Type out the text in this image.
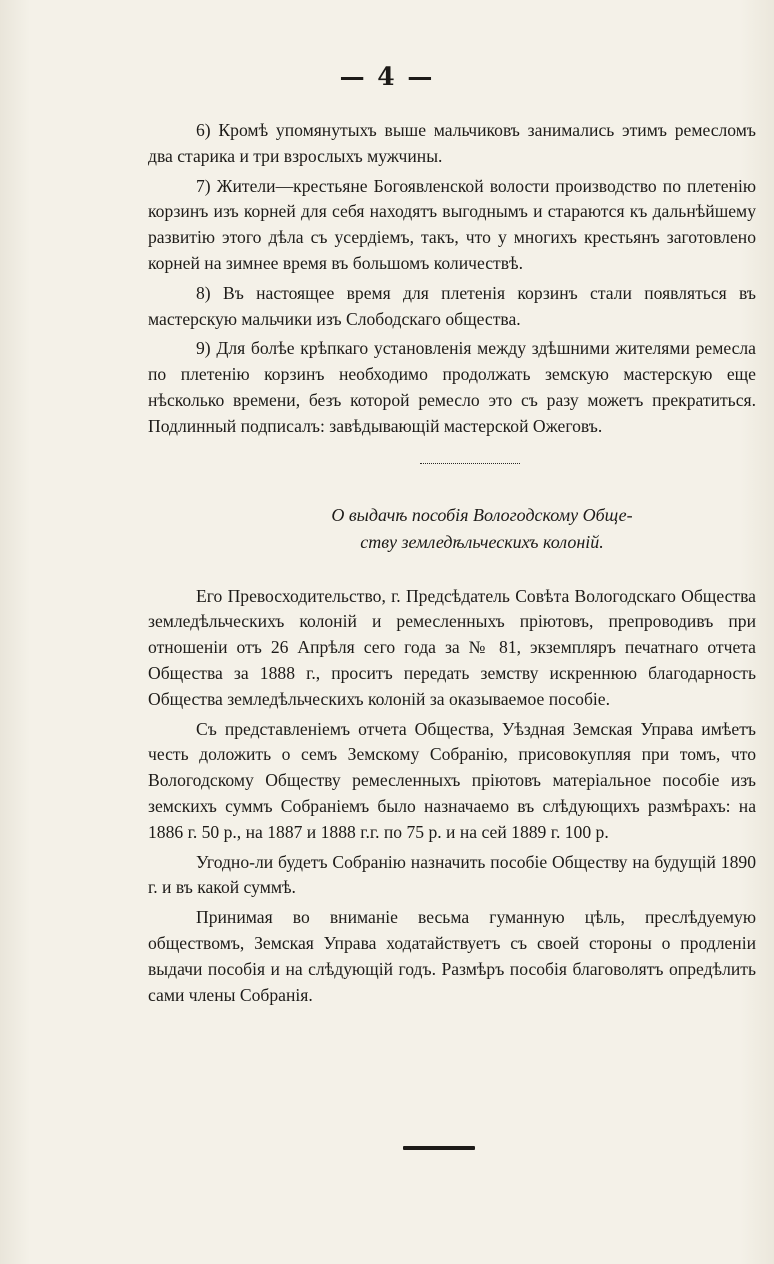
— 4 —

6) Кромѣ упомянутыхъ выше мальчиковъ занимались этимъ ремесломъ два старика и три взрослыхъ мужчины.

7) Жители—крестьяне Богоявленской волости производство по плетенію корзинъ изъ корней для себя находятъ выгоднымъ и стараются къ дальнѣйшему развитію этого дѣла съ усердіемъ, такъ, что у многихъ крестьянъ заготовлено корней на зимнее время въ большомъ количествѣ.

8) Въ настоящее время для плетенія корзинъ стали появляться въ мастерскую мальчики изъ Слободскаго общества.

9) Для болѣе крѣпкаго установленія между здѣшними жителями ремесла по плетенію корзинъ необходимо продолжать земскую мастерскую еще нѣсколько времени, безъ которой ремесло это съ разу можетъ прекратиться. Подлинный подписалъ: завѣдывающій мастерской Ожеговъ.

О выдачѣ пособія Вологодскому Обще-
ству земледѣльческихъ колоній.

Его Превосходительство, г. Предсѣдатель Совѣта Вологодскаго Общества земледѣльческихъ колоній и ремесленныхъ пріютовъ, препроводивъ при отношеніи отъ 26 Апрѣля сего года за № 81, экземпляръ печатнаго отчета Общества за 1888 г., проситъ передать земству искреннюю благодарность Общества земледѣльческихъ колоній за оказываемое пособіе.

Съ представленіемъ отчета Общества, Уѣздная Земская Управа имѣетъ честь доложить о семъ Земскому Собранію, присовокупляя при томъ, что Вологодскому Обществу ремесленныхъ пріютовъ матеріальное пособіе изъ земскихъ суммъ Собраніемъ было назначаемо въ слѣдующихъ размѣрахъ: на 1886 г. 50 р., на 1887 и 1888 г.г. по 75 р. и на сей 1889 г. 100 р.

Угодно-ли будетъ Собранію назначить пособіе Обществу на будущій 1890 г. и въ какой суммѣ.

Принимая во вниманіе весьма гуманную цѣль, преслѣдуемую обществомъ, Земская Управа ходатайствуетъ съ своей стороны о продленіи выдачи пособія и на слѣдующій годъ. Размѣръ пособія благоволятъ опредѣлить сами члены Собранія.
